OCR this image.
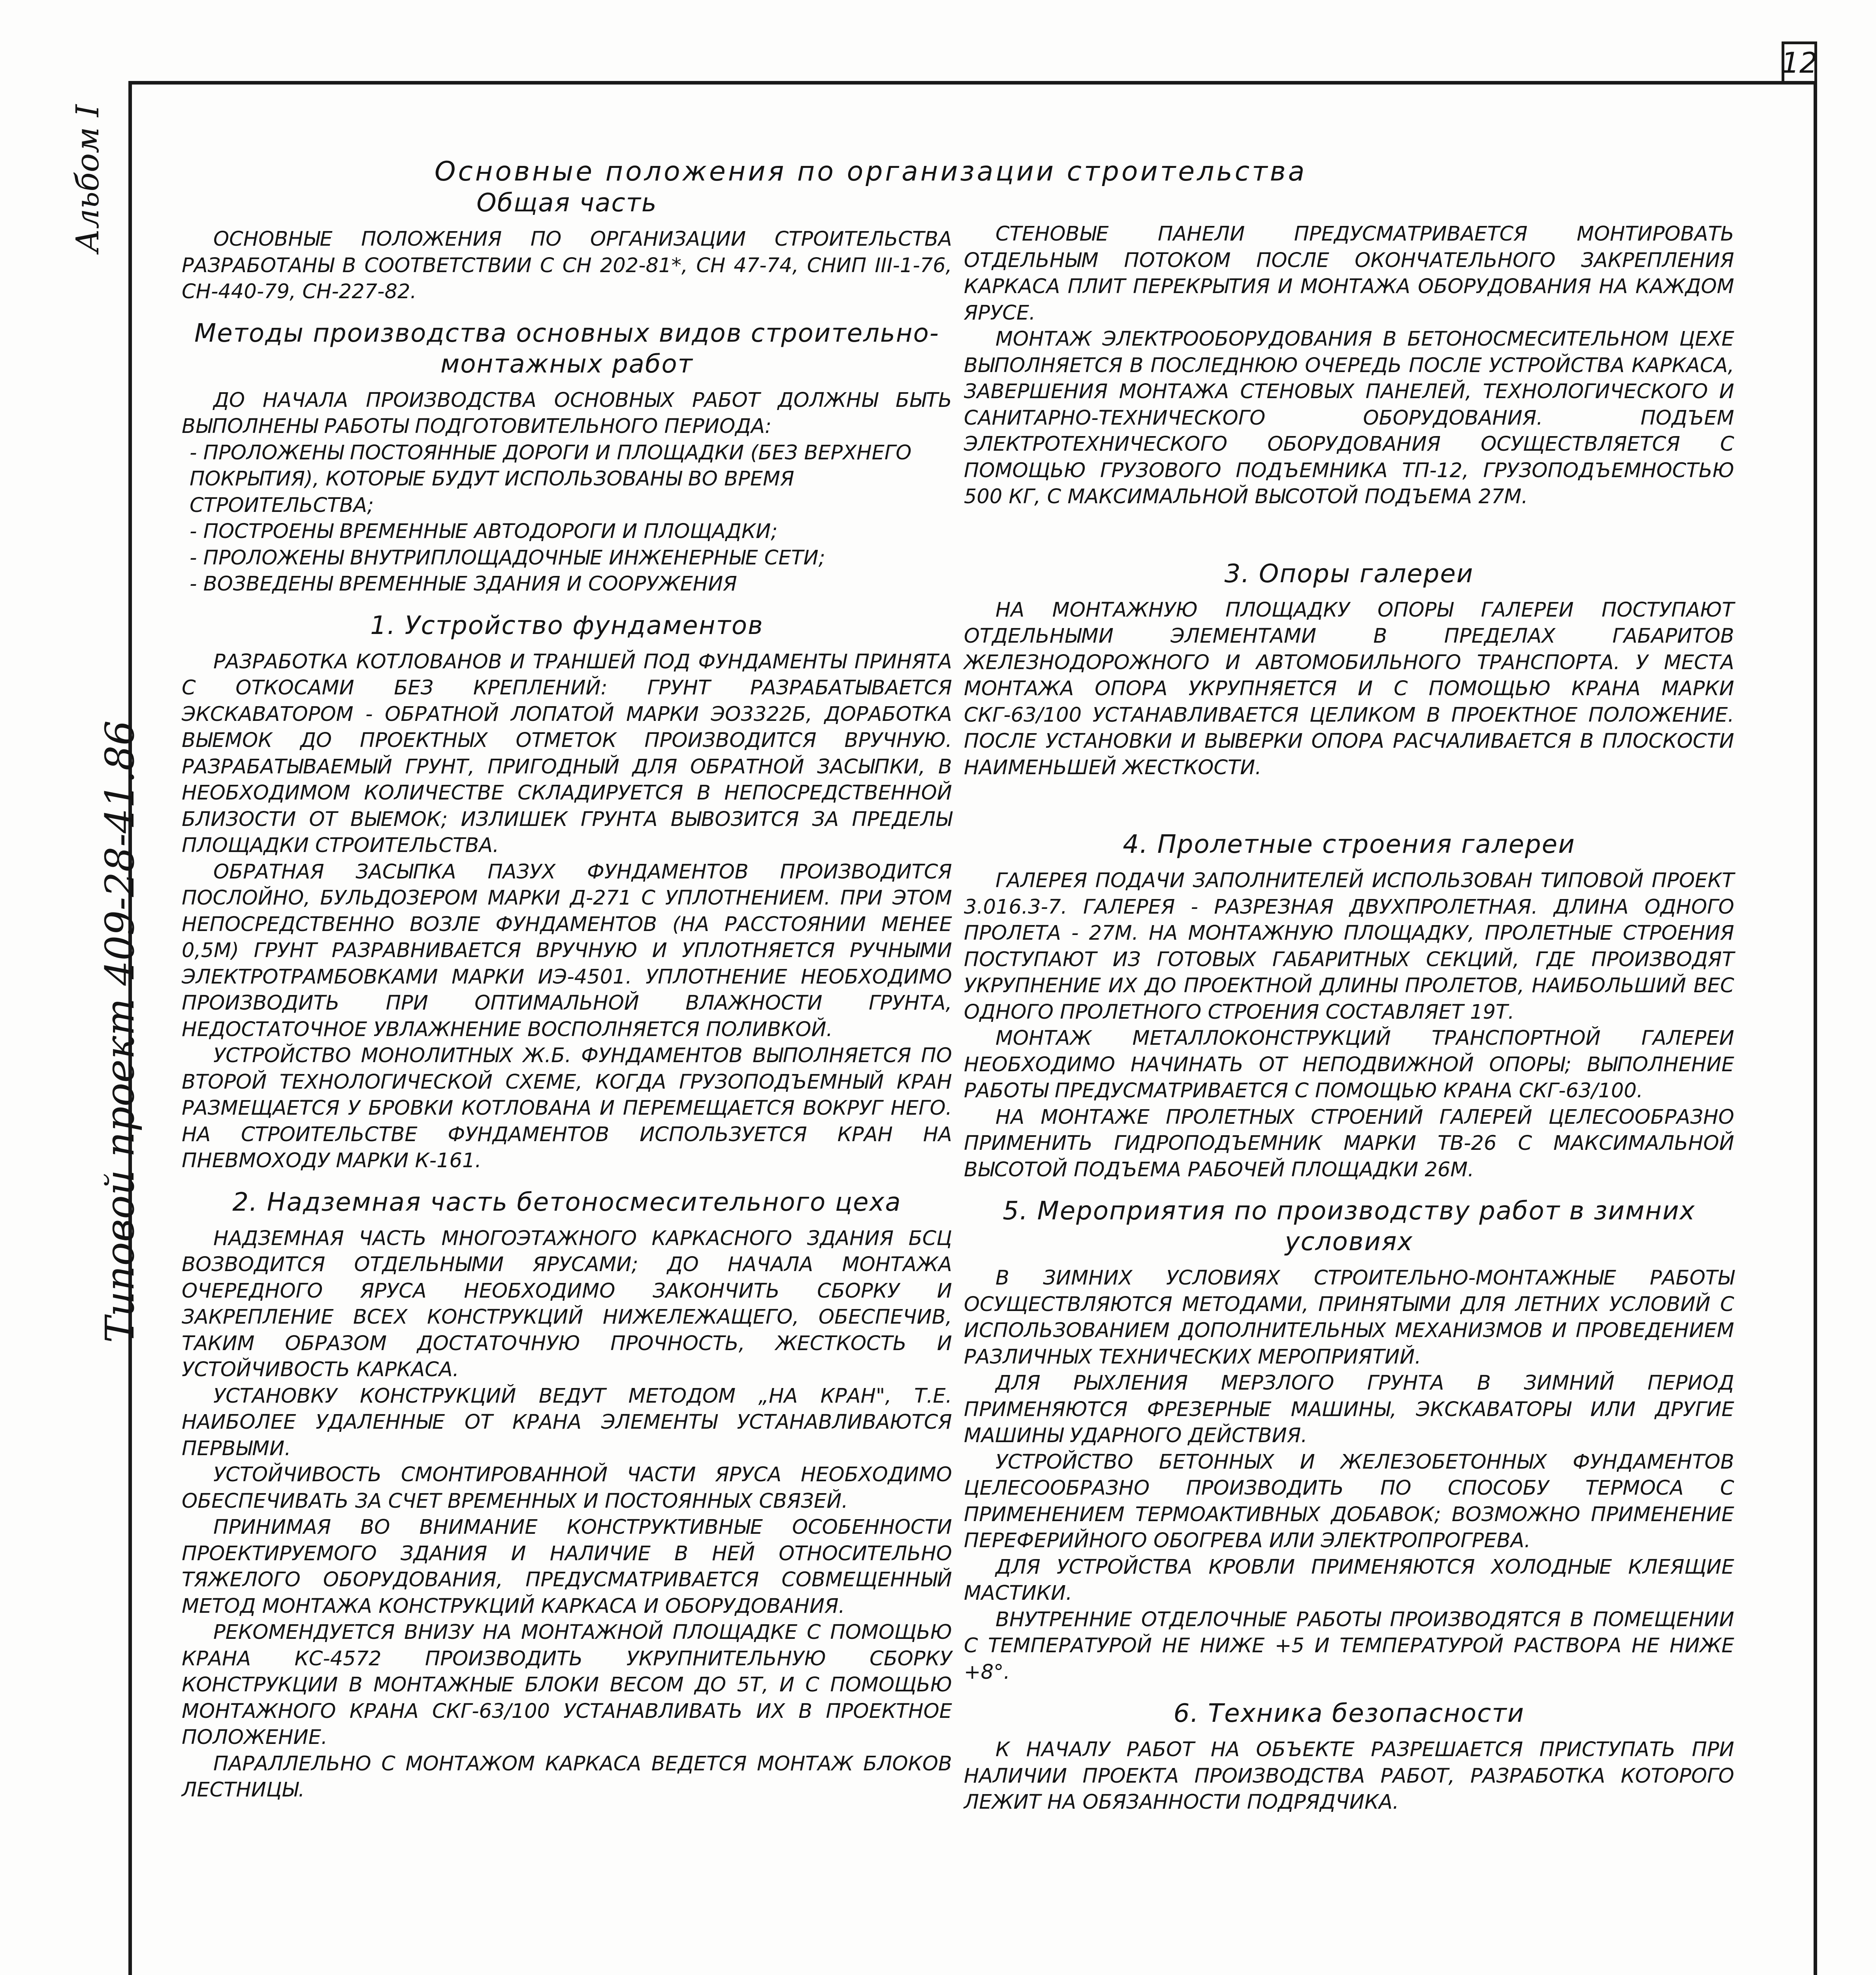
12
Альбом I
Типовой проект 409-28-41.86
Основные положения по организации строительства
Общая часть

ОСНОВНЫЕ ПОЛОЖЕНИЯ ПО ОРГАНИЗАЦИИ СТРОИТЕЛЬСТВА РАЗРАБОТАНЫ В СООТВЕТСТВИИ С СН 202-81*, СН 47-74, СНИП III-1-76, СН-440-79, СН-227-82.

Методы производства основных видов строительно-монтажных работ

ДО НАЧАЛА ПРОИЗВОДСТВА ОСНОВНЫХ РАБОТ ДОЛЖНЫ БЫТЬ ВЫПОЛНЕНЫ РАБОТЫ ПОДГОТОВИТЕЛЬНОГО ПЕРИОДА:

- ПРОЛОЖЕНЫ ПОСТОЯННЫЕ ДОРОГИ И ПЛОЩАДКИ (БЕЗ ВЕРХНЕГО ПОКРЫТИЯ), КОТОРЫЕ БУДУТ ИСПОЛЬЗОВАНЫ ВО ВРЕМЯ СТРОИТЕЛЬСТВА;
- ПОСТРОЕНЫ ВРЕМЕННЫЕ АВТОДОРОГИ И ПЛОЩАДКИ;
- ПРОЛОЖЕНЫ ВНУТРИПЛОЩАДОЧНЫЕ ИНЖЕНЕРНЫЕ СЕТИ;
- ВОЗВЕДЕНЫ ВРЕМЕННЫЕ ЗДАНИЯ И СООРУЖЕНИЯ
1. Устройство фундаментов

РАЗРАБОТКА КОТЛОВАНОВ И ТРАНШЕЙ ПОД ФУНДАМЕНТЫ ПРИНЯТА С ОТКОСАМИ БЕЗ КРЕПЛЕНИЙ: ГРУНТ РАЗРАБАТЫВАЕТСЯ ЭКСКАВАТОРОМ - ОБРАТНОЙ ЛОПАТОЙ МАРКИ ЭО3322Б, ДОРАБОТКА ВЫЕМОК ДО ПРОЕКТНЫХ ОТМЕТОК ПРОИЗВОДИТСЯ ВРУЧНУЮ. РАЗРАБАТЫВАЕМЫЙ ГРУНТ, ПРИГОДНЫЙ ДЛЯ ОБРАТНОЙ ЗАСЫПКИ, В НЕОБХОДИМОМ КОЛИЧЕСТВЕ СКЛАДИРУЕТСЯ В НЕПОСРЕДСТВЕННОЙ БЛИЗОСТИ ОТ ВЫЕМОК; ИЗЛИШЕК ГРУНТА ВЫВОЗИТСЯ ЗА ПРЕДЕЛЫ ПЛОЩАДКИ СТРОИТЕЛЬСТВА.

ОБРАТНАЯ ЗАСЫПКА ПАЗУХ ФУНДАМЕНТОВ ПРОИЗВОДИТСЯ ПОСЛОЙНО, БУЛЬДОЗЕРОМ МАРКИ Д-271 С УПЛОТНЕНИЕМ. ПРИ ЭТОМ НЕПОСРЕДСТВЕННО ВОЗЛЕ ФУНДАМЕНТОВ (НА РАССТОЯНИИ МЕНЕЕ 0,5М) ГРУНТ РАЗРАВНИВАЕТСЯ ВРУЧНУЮ И УПЛОТНЯЕТСЯ РУЧНЫМИ ЭЛЕКТРОТРАМБОВКАМИ МАРКИ ИЭ-4501. УПЛОТНЕНИЕ НЕОБХОДИМО ПРОИЗВОДИТЬ ПРИ ОПТИМАЛЬНОЙ ВЛАЖНОСТИ ГРУНТА, НЕДОСТАТОЧНОЕ УВЛАЖНЕНИЕ ВОСПОЛНЯЕТСЯ ПОЛИВКОЙ.

УСТРОЙСТВО МОНОЛИТНЫХ Ж.Б. ФУНДАМЕНТОВ ВЫПОЛНЯЕТСЯ ПО ВТОРОЙ ТЕХНОЛОГИЧЕСКОЙ СХЕМЕ, КОГДА ГРУЗОПОДЪЕМНЫЙ КРАН РАЗМЕЩАЕТСЯ У БРОВКИ КОТЛОВАНА И ПЕРЕМЕЩАЕТСЯ ВОКРУГ НЕГО. НА СТРОИТЕЛЬСТВЕ ФУНДАМЕНТОВ ИСПОЛЬЗУЕТСЯ КРАН НА ПНЕВМОХОДУ МАРКИ К-161.

2. Надземная часть бетоносмесительного цеха

НАДЗЕМНАЯ ЧАСТЬ МНОГОЭТАЖНОГО КАРКАСНОГО ЗДАНИЯ БСЦ ВОЗВОДИТСЯ ОТДЕЛЬНЫМИ ЯРУСАМИ; ДО НАЧАЛА МОНТАЖА ОЧЕРЕДНОГО ЯРУСА НЕОБХОДИМО ЗАКОНЧИТЬ СБОРКУ И ЗАКРЕПЛЕНИЕ ВСЕХ КОНСТРУКЦИЙ НИЖЕЛЕЖАЩЕГО, ОБЕСПЕЧИВ, ТАКИМ ОБРАЗОМ ДОСТАТОЧНУЮ ПРОЧНОСТЬ, ЖЕСТКОСТЬ И УСТОЙЧИВОСТЬ КАРКАСА.

УСТАНОВКУ КОНСТРУКЦИЙ ВЕДУТ МЕТОДОМ „НА КРАН", Т.Е. НАИБОЛЕЕ УДАЛЕННЫЕ ОТ КРАНА ЭЛЕМЕНТЫ УСТАНАВЛИВАЮТСЯ ПЕРВЫМИ.

УСТОЙЧИВОСТЬ СМОНТИРОВАННОЙ ЧАСТИ ЯРУСА НЕОБХОДИМО ОБЕСПЕЧИВАТЬ ЗА СЧЕТ ВРЕМЕННЫХ И ПОСТОЯННЫХ СВЯЗЕЙ.

ПРИНИМАЯ ВО ВНИМАНИЕ КОНСТРУКТИВНЫЕ ОСОБЕННОСТИ ПРОЕКТИРУЕМОГО ЗДАНИЯ И НАЛИЧИЕ В НЕЙ ОТНОСИТЕЛЬНО ТЯЖЕЛОГО ОБОРУДОВАНИЯ, ПРЕДУСМАТРИВАЕТСЯ СОВМЕЩЕННЫЙ МЕТОД МОНТАЖА КОНСТРУКЦИЙ КАРКАСА И ОБОРУДОВАНИЯ.

РЕКОМЕНДУЕТСЯ ВНИЗУ НА МОНТАЖНОЙ ПЛОЩАДКЕ С ПОМОЩЬЮ КРАНА КС-4572 ПРОИЗВОДИТЬ УКРУПНИТЕЛЬНУЮ СБОРКУ КОНСТРУКЦИИ В МОНТАЖНЫЕ БЛОКИ ВЕСОМ ДО 5Т, И С ПОМОЩЬЮ МОНТАЖНОГО КРАНА СКГ-63/100 УСТАНАВЛИВАТЬ ИХ В ПРОЕКТНОЕ ПОЛОЖЕНИЕ.

ПАРАЛЛЕЛЬНО С МОНТАЖОМ КАРКАСА ВЕДЕТСЯ МОНТАЖ БЛОКОВ ЛЕСТНИЦЫ.

СТЕНОВЫЕ ПАНЕЛИ ПРЕДУСМАТРИВАЕТСЯ МОНТИРОВАТЬ ОТДЕЛЬНЫМ ПОТОКОМ ПОСЛЕ ОКОНЧАТЕЛЬНОГО ЗАКРЕПЛЕНИЯ КАРКАСА ПЛИТ ПЕРЕКРЫТИЯ И МОНТАЖА ОБОРУДОВАНИЯ НА КАЖДОМ ЯРУСЕ.

МОНТАЖ ЭЛЕКТРООБОРУДОВАНИЯ В БЕТОНОСМЕСИТЕЛЬНОМ ЦЕХЕ ВЫПОЛНЯЕТСЯ В ПОСЛЕДНЮЮ ОЧЕРЕДЬ ПОСЛЕ УСТРОЙСТВА КАРКАСА, ЗАВЕРШЕНИЯ МОНТАЖА СТЕНОВЫХ ПАНЕЛЕЙ, ТЕХНОЛОГИЧЕСКОГО И САНИТАРНО-ТЕХНИЧЕСКОГО ОБОРУДОВАНИЯ. ПОДЪЕМ ЭЛЕКТРОТЕХНИЧЕСКОГО ОБОРУДОВАНИЯ ОСУЩЕСТВЛЯЕТСЯ С ПОМОЩЬЮ ГРУЗОВОГО ПОДЪЕМНИКА ТП-12, ГРУЗОПОДЪЕМНОСТЬЮ 500 КГ, С МАКСИМАЛЬНОЙ ВЫСОТОЙ ПОДЪЕМА 27М.

3. Опоры галереи

НА МОНТАЖНУЮ ПЛОЩАДКУ ОПОРЫ ГАЛЕРЕИ ПОСТУПАЮТ ОТДЕЛЬНЫМИ ЭЛЕМЕНТАМИ В ПРЕДЕЛАХ ГАБАРИТОВ ЖЕЛЕЗНОДОРОЖНОГО И АВТОМОБИЛЬНОГО ТРАНСПОРТА. У МЕСТА МОНТАЖА ОПОРА УКРУПНЯЕТСЯ И С ПОМОЩЬЮ КРАНА МАРКИ СКГ-63/100 УСТАНАВЛИВАЕТСЯ ЦЕЛИКОМ В ПРОЕКТНОЕ ПОЛОЖЕНИЕ. ПОСЛЕ УСТАНОВКИ И ВЫВЕРКИ ОПОРА РАСЧАЛИВАЕТСЯ В ПЛОСКОСТИ НАИМЕНЬШЕЙ ЖЕСТКОСТИ.

4. Пролетные строения галереи

ГАЛЕРЕЯ ПОДАЧИ ЗАПОЛНИТЕЛЕЙ ИСПОЛЬЗОВАН ТИПОВОЙ ПРОЕКТ 3.016.3-7. ГАЛЕРЕЯ - РАЗРЕЗНАЯ ДВУХПРОЛЕТНАЯ. ДЛИНА ОДНОГО ПРОЛЕТА - 27М. НА МОНТАЖНУЮ ПЛОЩАДКУ, ПРОЛЕТНЫЕ СТРОЕНИЯ ПОСТУПАЮТ ИЗ ГОТОВЫХ ГАБАРИТНЫХ СЕКЦИЙ, ГДЕ ПРОИЗВОДЯТ УКРУПНЕНИЕ ИХ ДО ПРОЕКТНОЙ ДЛИНЫ ПРОЛЕТОВ, НАИБОЛЬШИЙ ВЕС ОДНОГО ПРОЛЕТНОГО СТРОЕНИЯ СОСТАВЛЯЕТ 19Т.

МОНТАЖ МЕТАЛЛОКОНСТРУКЦИЙ ТРАНСПОРТНОЙ ГАЛЕРЕИ НЕОБХОДИМО НАЧИНАТЬ ОТ НЕПОДВИЖНОЙ ОПОРЫ; ВЫПОЛНЕНИЕ РАБОТЫ ПРЕДУСМАТРИВАЕТСЯ С ПОМОЩЬЮ КРАНА СКГ-63/100.

НА МОНТАЖЕ ПРОЛЕТНЫХ СТРОЕНИЙ ГАЛЕРЕЙ ЦЕЛЕСООБРАЗНО ПРИМЕНИТЬ ГИДРОПОДЪЕМНИК МАРКИ ТВ-26 С МАКСИМАЛЬНОЙ ВЫСОТОЙ ПОДЪЕМА РАБОЧЕЙ ПЛОЩАДКИ 26М.

5. Мероприятия по производству работ в зимних условиях

В ЗИМНИХ УСЛОВИЯХ СТРОИТЕЛЬНО-МОНТАЖНЫЕ РАБОТЫ ОСУЩЕСТВЛЯЮТСЯ МЕТОДАМИ, ПРИНЯТЫМИ ДЛЯ ЛЕТНИХ УСЛОВИЙ С ИСПОЛЬЗОВАНИЕМ ДОПОЛНИТЕЛЬНЫХ МЕХАНИЗМОВ И ПРОВЕДЕНИЕМ РАЗЛИЧНЫХ ТЕХНИЧЕСКИХ МЕРОПРИЯТИЙ.

ДЛЯ РЫХЛЕНИЯ МЕРЗЛОГО ГРУНТА В ЗИМНИЙ ПЕРИОД ПРИМЕНЯЮТСЯ ФРЕЗЕРНЫЕ МАШИНЫ, ЭКСКАВАТОРЫ ИЛИ ДРУГИЕ МАШИНЫ УДАРНОГО ДЕЙСТВИЯ.

УСТРОЙСТВО БЕТОННЫХ И ЖЕЛЕЗОБЕТОННЫХ ФУНДАМЕНТОВ ЦЕЛЕСООБРАЗНО ПРОИЗВОДИТЬ ПО СПОСОБУ ТЕРМОСА С ПРИМЕНЕНИЕМ ТЕРМОАКТИВНЫХ ДОБАВОК; ВОЗМОЖНО ПРИМЕНЕНИЕ ПЕРЕФЕРИЙНОГО ОБОГРЕВА ИЛИ ЭЛЕКТРОПРОГРЕВА.

ДЛЯ УСТРОЙСТВА КРОВЛИ ПРИМЕНЯЮТСЯ ХОЛОДНЫЕ КЛЕЯЩИЕ МАСТИКИ.

ВНУТРЕННИЕ ОТДЕЛОЧНЫЕ РАБОТЫ ПРОИЗВОДЯТСЯ В ПОМЕЩЕНИИ С ТЕМПЕРАТУРОЙ НЕ НИЖЕ +5 И ТЕМПЕРАТУРОЙ РАСТВОРА НЕ НИЖЕ +8°.

6. Техника безопасности

К НАЧАЛУ РАБОТ НА ОБЪЕКТЕ РАЗРЕШАЕТСЯ ПРИСТУПАТЬ ПРИ НАЛИЧИИ ПРОЕКТА ПРОИЗВОДСТВА РАБОТ, РАЗРАБОТКА КОТОРОГО ЛЕЖИТ НА ОБЯЗАННОСТИ ПОДРЯДЧИКА.
